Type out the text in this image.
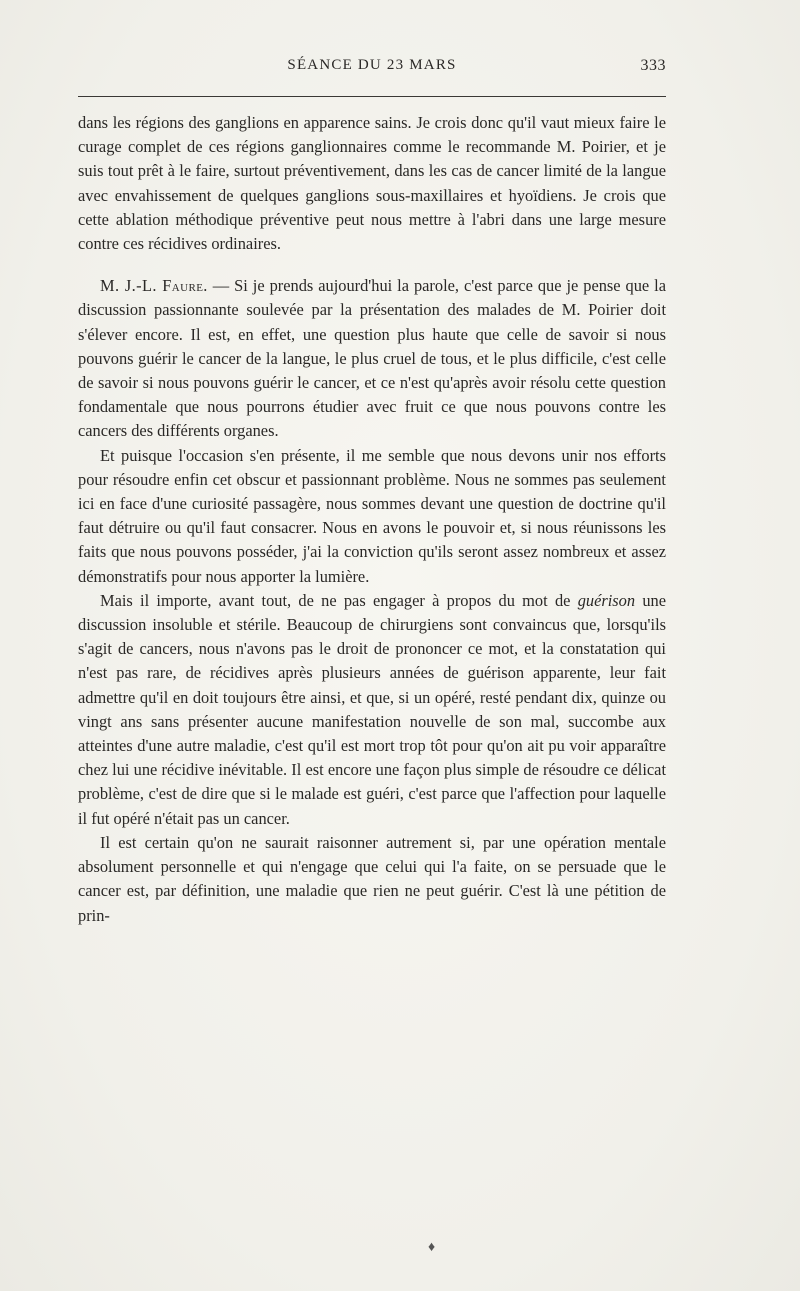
SÉANCE DU 23 MARS	333

dans les régions des ganglions en apparence sains. Je crois donc qu'il vaut mieux faire le curage complet de ces régions ganglionnaires comme le recommande M. Poirier, et je suis tout prêt à le faire, surtout préventivement, dans les cas de cancer limité de la langue avec envahissement de quelques ganglions sous-maxillaires et hyoïdiens. Je crois que cette ablation méthodique préventive peut nous mettre à l'abri dans une large mesure contre ces récidives ordinaires.

M. J.-L. Faure. — Si je prends aujourd'hui la parole, c'est parce que je pense que la discussion passionnante soulevée par la présentation des malades de M. Poirier doit s'élever encore. Il est, en effet, une question plus haute que celle de savoir si nous pouvons guérir le cancer de la langue, le plus cruel de tous, et le plus difficile, c'est celle de savoir si nous pouvons guérir le cancer, et ce n'est qu'après avoir résolu cette question fondamentale que nous pourrons étudier avec fruit ce que nous pouvons contre les cancers des différents organes.

Et puisque l'occasion s'en présente, il me semble que nous devons unir nos efforts pour résoudre enfin cet obscur et passionnant problème. Nous ne sommes pas seulement ici en face d'une curiosité passagère, nous sommes devant une question de doctrine qu'il faut détruire ou qu'il faut consacrer. Nous en avons le pouvoir et, si nous réunissons les faits que nous pouvons posséder, j'ai la conviction qu'ils seront assez nombreux et assez démonstratifs pour nous apporter la lumière.

Mais il importe, avant tout, de ne pas engager à propos du mot de guérison une discussion insoluble et stérile. Beaucoup de chirurgiens sont convaincus que, lorsqu'ils s'agit de cancers, nous n'avons pas le droit de prononcer ce mot, et la constatation qui n'est pas rare, de récidives après plusieurs années de guérison apparente, leur fait admettre qu'il en doit toujours être ainsi, et que, si un opéré, resté pendant dix, quinze ou vingt ans sans présenter aucune manifestation nouvelle de son mal, succombe aux atteintes d'une autre maladie, c'est qu'il est mort trop tôt pour qu'on ait pu voir apparaître chez lui une récidive inévitable. Il est encore une façon plus simple de résoudre ce délicat problème, c'est de dire que si le malade est guéri, c'est parce que l'affection pour laquelle il fut opéré n'était pas un cancer.

Il est certain qu'on ne saurait raisonner autrement si, par une opération mentale absolument personnelle et qui n'engage que celui qui l'a faite, on se persuade que le cancer est, par définition, une maladie que rien ne peut guérir. C'est là une pétition de prin-

♦
